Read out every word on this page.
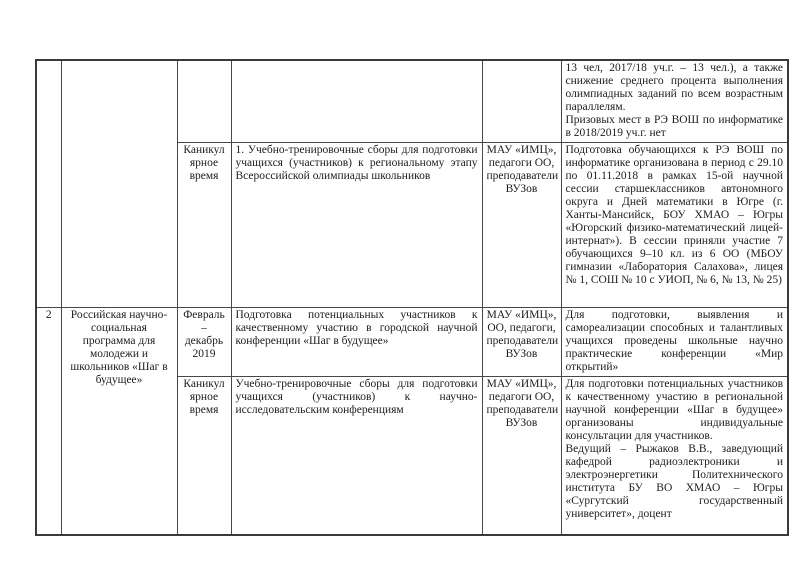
					13 чел, 2017/18 уч.г. – 13 чел.), а также снижение среднего процента выполнения олимпиадных заданий по всем возрастным параллелям.

Призовых мест в РЭ ВОШ по информатике в 2018/2019 уч.г. нет

		Каникулярное время	1. Учебно-тренировочные сборы для подготовки учащихся (участников) к региональному этапу Всероссийской олимпиады школьников	МАУ «ИМЦ», педагоги ОО, преподаватели ВУЗов	Подготовка обучающихся к РЭ ВОШ по информатике организована в период с 29.10 по 01.11.2018 в рамках 15-ой научной сессии старшеклассников автономного округа и Дней математики в Югре (г. Ханты-Мансийск, БОУ ХМАО – Югры «Югорский физико-математический лицей-интернат»). В сессии приняли участие 7 обучающихся 9–10 кл. из 6 ОО (МБОУ гимназии «Лаборатория Салахова», лицея № 1, СОШ № 10 с УИОП, № 6, № 13, № 25)
2	Российская научно-социальная программа для молодежи и школьников «Шаг в будущее»	Февраль – декабрь 2019	Подготовка потенциальных участников к качественному участию в городской научной конференции «Шаг в будущее»	МАУ «ИМЦ», ОО, педагоги, преподаватели ВУЗов	Для подготовки, выявления и самореализации способных и талантливых учащихся проведены школьные научно практические конференции «Мир открытий»
		Каникулярное время	Учебно-тренировочные сборы для подготовки учащихся (участников) к научно-исследовательским конференциям	МАУ «ИМЦ», педагоги ОО, преподаватели ВУЗов	Для подготовки потенциальных участников к качественному участию в региональной научной конференции «Шаг в будущее» организованы индивидуальные консультации для участников.

Ведущий – Рыжаков В.В., заведующий кафедрой радиоэлектроники и электроэнергетики Политехнического института БУ ВО ХМАО – Югры «Сургутский государственный университет», доцент
